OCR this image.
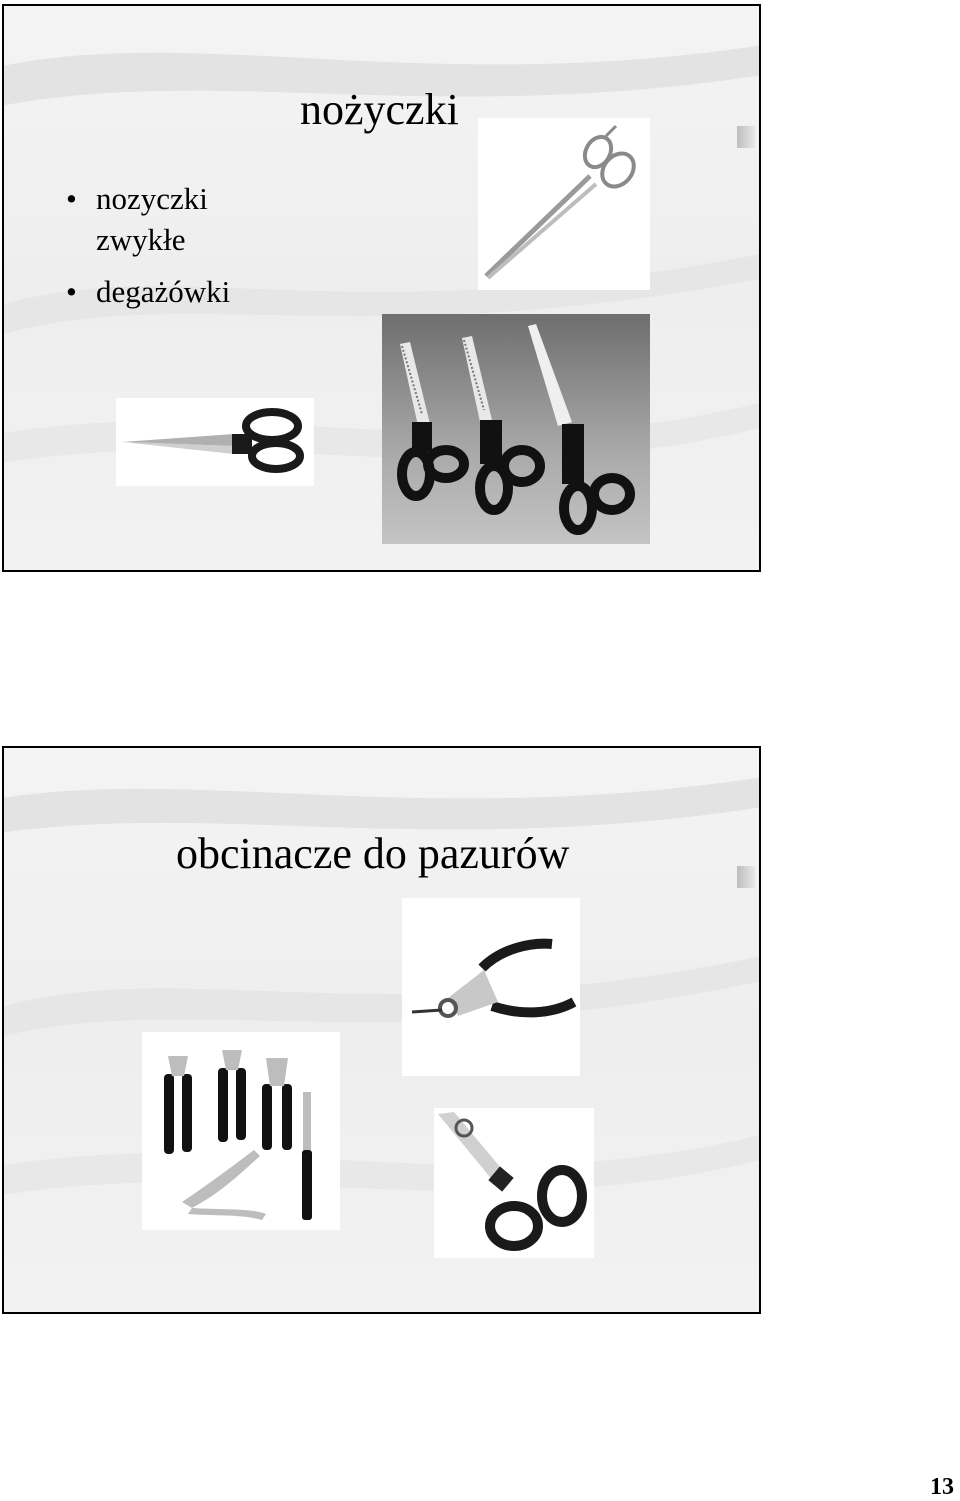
nożyczki
• nozyczki zwykłe
• degażówki
obcinacze do pazurów
13
